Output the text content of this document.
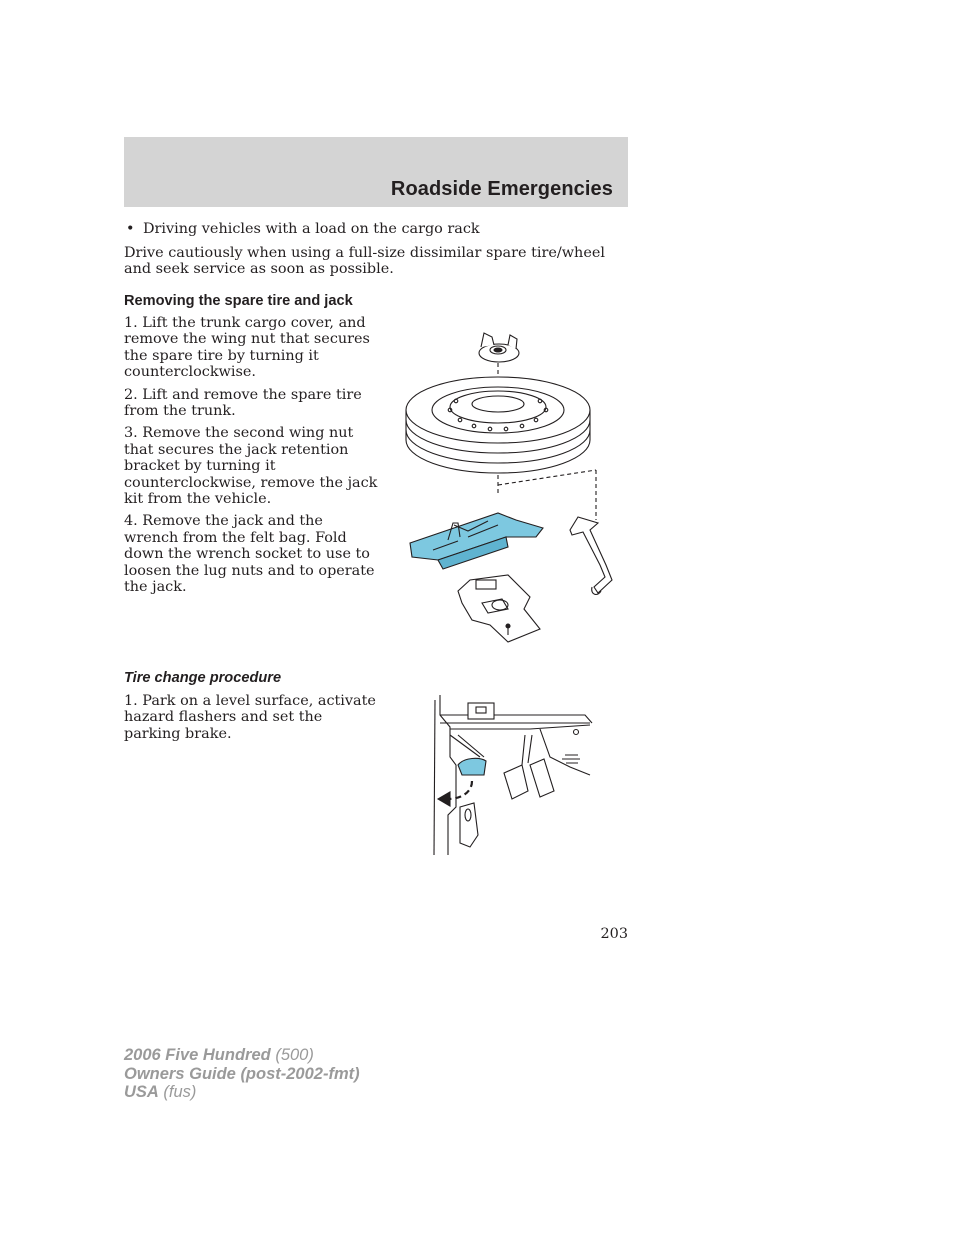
Roadside Emergencies
• Driving vehicles with a load on the cargo rack

Drive cautiously when using a full-size dissimilar spare tire/wheel and seek service as soon as possible.

Removing the spare tire and jack

1. Lift the trunk cargo cover, and remove the wing nut that secures the spare tire by turning it counterclockwise.

2. Lift and remove the spare tire from the trunk.

3. Remove the second wing nut that secures the jack retention bracket by turning it counterclockwise, remove the jack kit from the vehicle.

4. Remove the jack and the wrench from the felt bag. Fold down the wrench socket to use to loosen the lug nuts and to operate the jack.

Tire change procedure

1. Park on a level surface, activate hazard flashers and set the parking brake.

203
2006 Five Hundred (500)
Owners Guide (post-2002-fmt)
USA (fus)
